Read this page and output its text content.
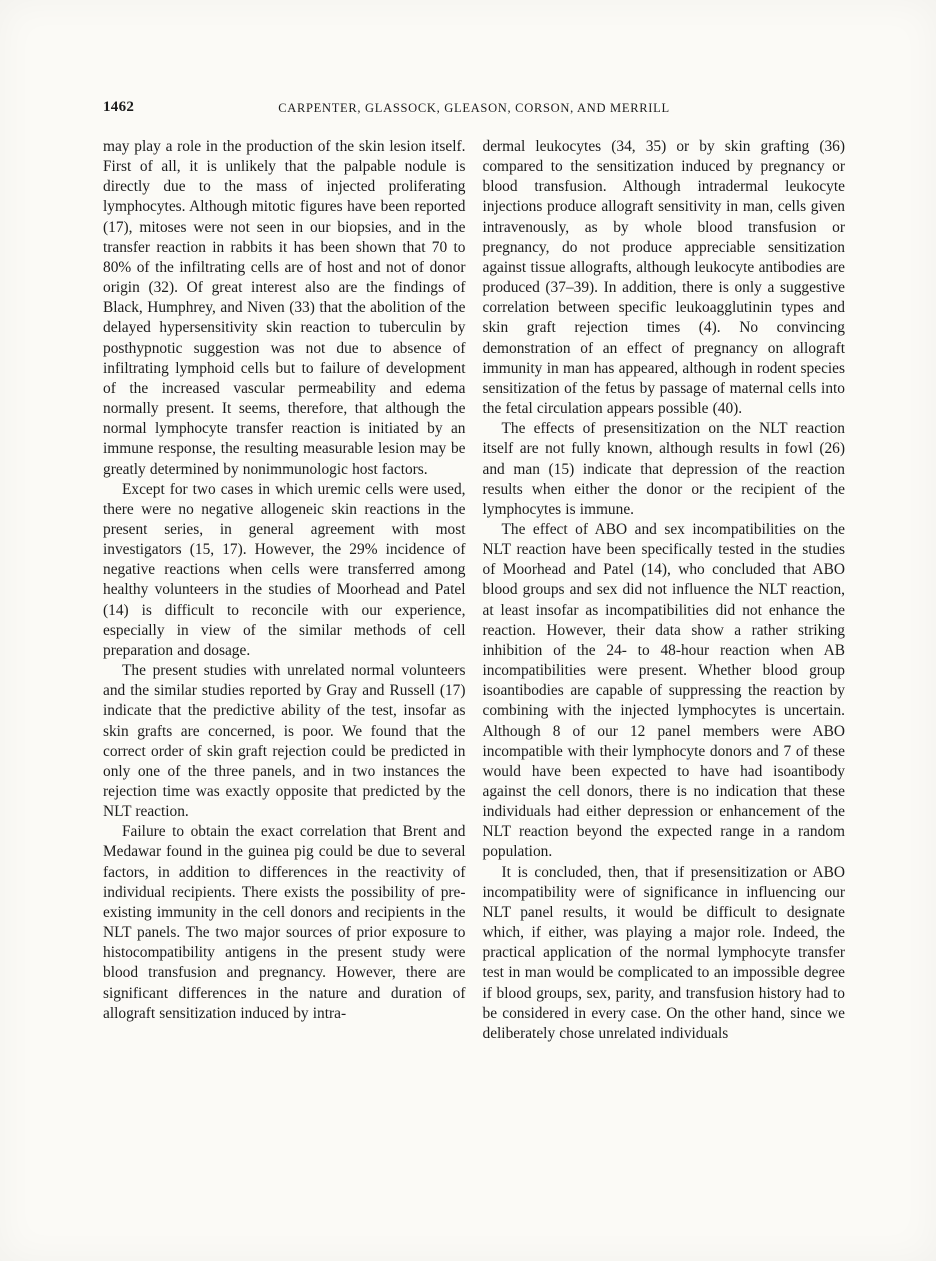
1462	CARPENTER, GLASSOCK, GLEASON, CORSON, AND MERRILL

may play a role in the production of the skin lesion itself. First of all, it is unlikely that the palpable nodule is directly due to the mass of injected proliferating lymphocytes. Although mitotic figures have been reported (17), mitoses were not seen in our biopsies, and in the transfer reaction in rabbits it has been shown that 70 to 80% of the infiltrating cells are of host and not of donor origin (32). Of great interest also are the findings of Black, Humphrey, and Niven (33) that the abolition of the delayed hypersensitivity skin reaction to tuberculin by posthypnotic suggestion was not due to absence of infiltrating lymphoid cells but to failure of development of the increased vascular permeability and edema normally present. It seems, therefore, that although the normal lymphocyte transfer reaction is initiated by an immune response, the resulting measurable lesion may be greatly determined by nonimmunologic host factors.

Except for two cases in which uremic cells were used, there were no negative allogeneic skin reactions in the present series, in general agreement with most investigators (15, 17). However, the 29% incidence of negative reactions when cells were transferred among healthy volunteers in the studies of Moorhead and Patel (14) is difficult to reconcile with our experience, especially in view of the similar methods of cell preparation and dosage.

The present studies with unrelated normal volunteers and the similar studies reported by Gray and Russell (17) indicate that the predictive ability of the test, insofar as skin grafts are concerned, is poor. We found that the correct order of skin graft rejection could be predicted in only one of the three panels, and in two instances the rejection time was exactly opposite that predicted by the NLT reaction.

Failure to obtain the exact correlation that Brent and Medawar found in the guinea pig could be due to several factors, in addition to differences in the reactivity of individual recipients. There exists the possibility of pre-existing immunity in the cell donors and recipients in the NLT panels. The two major sources of prior exposure to histocompatibility antigens in the present study were blood transfusion and pregnancy. However, there are significant differences in the nature and duration of allograft sensitization induced by intra-

dermal leukocytes (34, 35) or by skin grafting (36) compared to the sensitization induced by pregnancy or blood transfusion. Although intradermal leukocyte injections produce allograft sensitivity in man, cells given intravenously, as by whole blood transfusion or pregnancy, do not produce appreciable sensitization against tissue allografts, although leukocyte antibodies are produced (37–39). In addition, there is only a suggestive correlation between specific leukoagglutinin types and skin graft rejection times (4). No convincing demonstration of an effect of pregnancy on allograft immunity in man has appeared, although in rodent species sensitization of the fetus by passage of maternal cells into the fetal circulation appears possible (40).

The effects of presensitization on the NLT reaction itself are not fully known, although results in fowl (26) and man (15) indicate that depression of the reaction results when either the donor or the recipient of the lymphocytes is immune.

The effect of ABO and sex incompatibilities on the NLT reaction have been specifically tested in the studies of Moorhead and Patel (14), who concluded that ABO blood groups and sex did not influence the NLT reaction, at least insofar as incompatibilities did not enhance the reaction. However, their data show a rather striking inhibition of the 24- to 48-hour reaction when AB incompatibilities were present. Whether blood group isoantibodies are capable of suppressing the reaction by combining with the injected lymphocytes is uncertain. Although 8 of our 12 panel members were ABO incompatible with their lymphocyte donors and 7 of these would have been expected to have had isoantibody against the cell donors, there is no indication that these individuals had either depression or enhancement of the NLT reaction beyond the expected range in a random population.

It is concluded, then, that if presensitization or ABO incompatibility were of significance in influencing our NLT panel results, it would be difficult to designate which, if either, was playing a major role. Indeed, the practical application of the normal lymphocyte transfer test in man would be complicated to an impossible degree if blood groups, sex, parity, and transfusion history had to be considered in every case. On the other hand, since we deliberately chose unrelated individuals
